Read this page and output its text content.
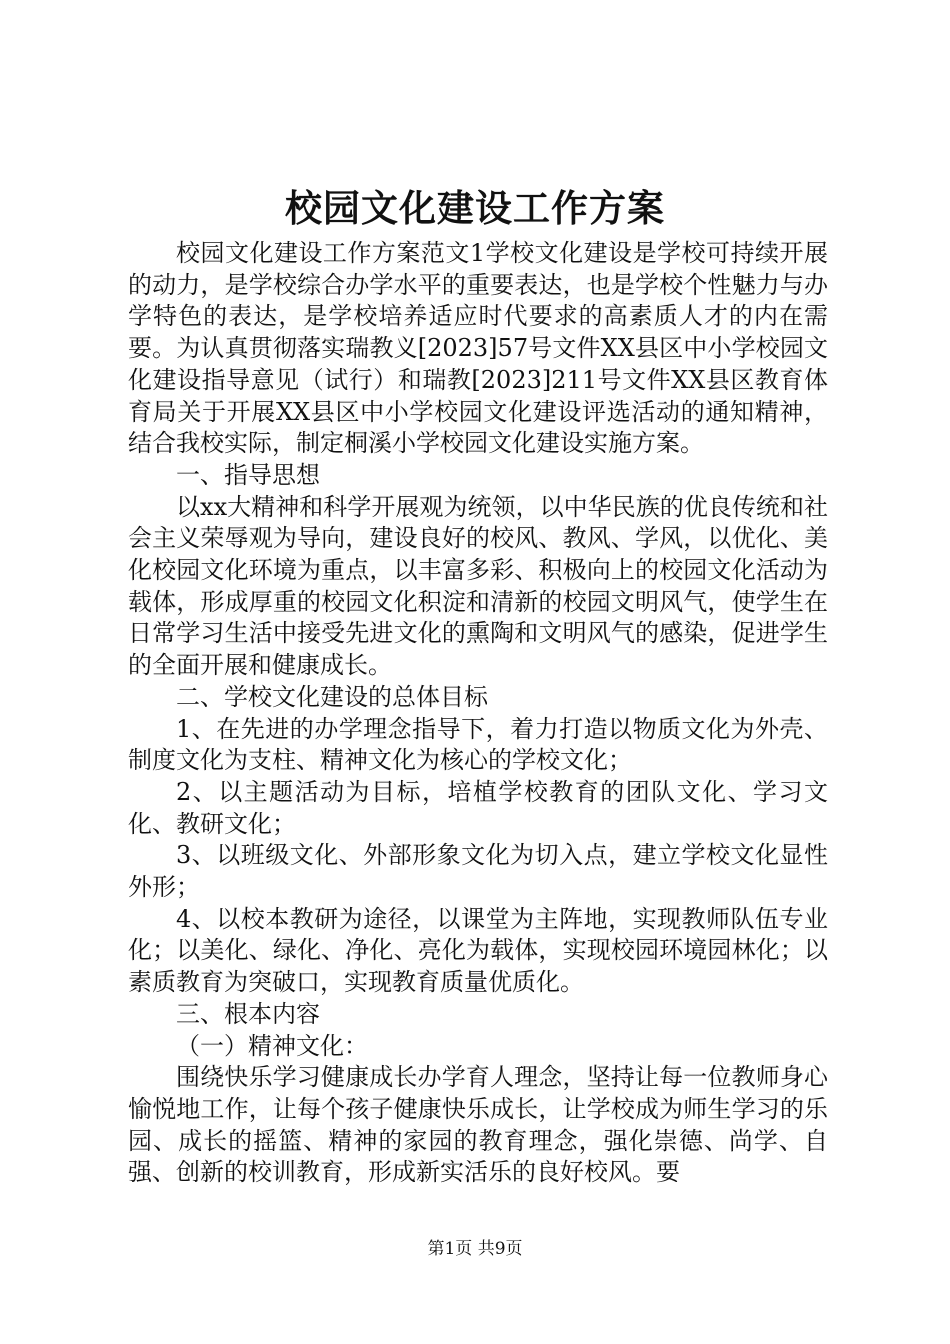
校园文化建设工作方案

校园文化建设工作方案范文1学校文化建设是学校可持续开展的动力，是学校综合办学水平的重要表达，也是学校个性魅力与办学特色的表达，是学校培养适应时代要求的高素质人才的内在需要。为认真贯彻落实瑞教义[2023]57号文件XX县区中小学校园文化建设指导意见（试行）和瑞教[2023]211号文件XX县区教育体育局关于开展XX县区中小学校园文化建设评选活动的通知精神，结合我校实际，制定桐溪小学校园文化建设实施方案。

一、指导思想

以xx大精神和科学开展观为统领，以中华民族的优良传统和社会主义荣辱观为导向，建设良好的校风、教风、学风，以优化、美化校园文化环境为重点，以丰富多彩、积极向上的校园文化活动为载体，形成厚重的校园文化积淀和清新的校园文明风气，使学生在日常学习生活中接受先进文化的熏陶和文明风气的感染，促进学生的全面开展和健康成长。

二、学校文化建设的总体目标

1、在先进的办学理念指导下，着力打造以物质文化为外壳、制度文化为支柱、精神文化为核心的学校文化；

2、以主题活动为目标，培植学校教育的团队文化、学习文化、教研文化；

3、以班级文化、外部形象文化为切入点，建立学校文化显性外形；

4、以校本教研为途径，以课堂为主阵地，实现教师队伍专业化；以美化、绿化、净化、亮化为载体，实现校园环境园林化；以素质教育为突破口，实现教育质量优质化。

三、根本内容

（一）精神文化：

围绕快乐学习健康成长办学育人理念，坚持让每一位教师身心愉悦地工作，让每个孩子健康快乐成长，让学校成为师生学习的乐园、成长的摇篮、精神的家园的教育理念，强化崇德、尚学、自强、创新的校训教育，形成新实活乐的良好校风。要

第1页 共9页
